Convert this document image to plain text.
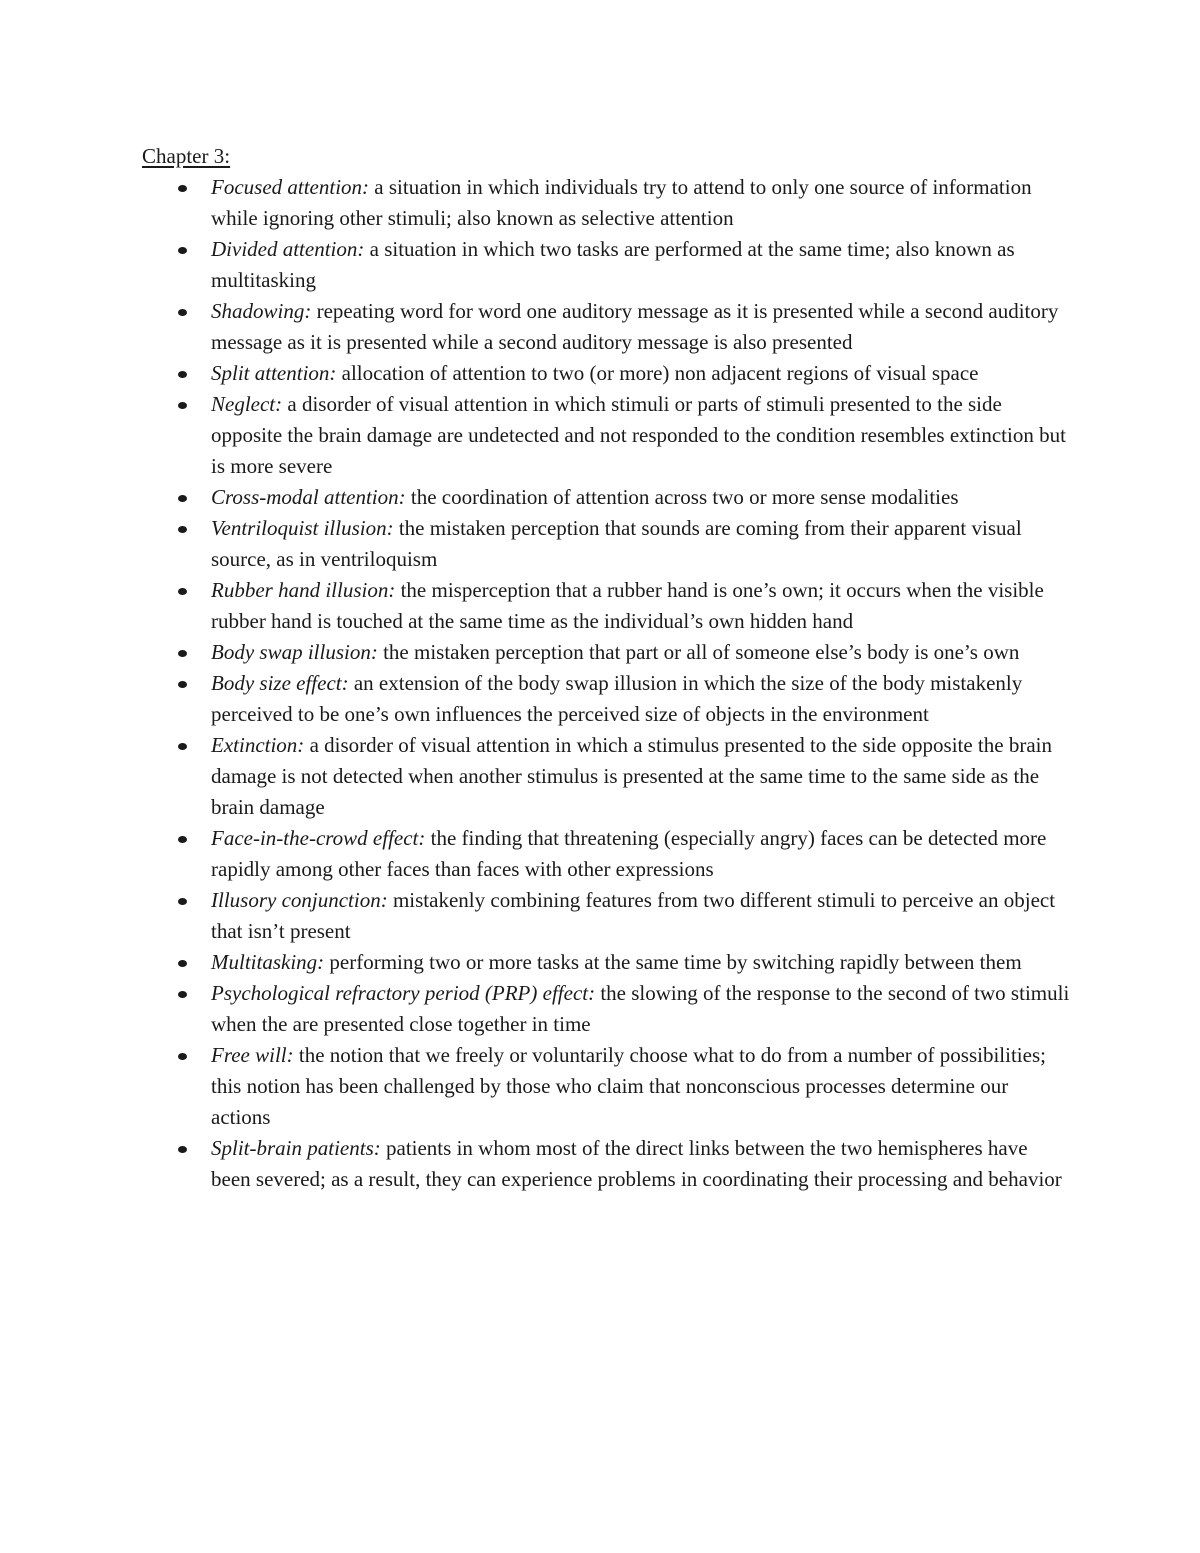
Chapter 3:
Focused attention: a situation in which individuals try to attend to only one source of information while ignoring other stimuli; also known as selective attention
Divided attention: a situation in which two tasks are performed at the same time; also known as multitasking
Shadowing: repeating word for word one auditory message as it is presented while a second auditory message as it is presented while a second auditory message is also presented
Split attention: allocation of attention to two (or more) non adjacent regions of visual space
Neglect: a disorder of visual attention in which stimuli or parts of stimuli presented to the side opposite the brain damage are undetected and not responded to the condition resembles extinction but is more severe
Cross-modal attention: the coordination of attention across two or more sense modalities
Ventriloquist illusion: the mistaken perception that sounds are coming from their apparent visual source, as in ventriloquism
Rubber hand illusion: the misperception that a rubber hand is one’s own; it occurs when the visible rubber hand is touched at the same time as the individual’s own hidden hand
Body swap illusion: the mistaken perception that part or all of someone else’s body is one’s own
Body size effect: an extension of the body swap illusion in which the size of the body mistakenly perceived to be one’s own influences the perceived size of objects in the environment
Extinction: a disorder of visual attention in which a stimulus presented to the side opposite the brain damage is not detected when another stimulus is presented at the same time to the same side as the brain damage
Face-in-the-crowd effect: the finding that threatening (especially angry) faces can be detected more rapidly among other faces than faces with other expressions
Illusory conjunction: mistakenly combining features from two different stimuli to perceive an object that isn’t present
Multitasking: performing two or more tasks at the same time by switching rapidly between them
Psychological refractory period (PRP) effect: the slowing of the response to the second of two stimuli when the are presented close together in time
Free will: the notion that we freely or voluntarily choose what to do from a number of possibilities; this notion has been challenged by those who claim that nonconscious processes determine our actions
Split-brain patients: patients in whom most of the direct links between the two hemispheres have been severed; as a result, they can experience problems in coordinating their processing and behavior
